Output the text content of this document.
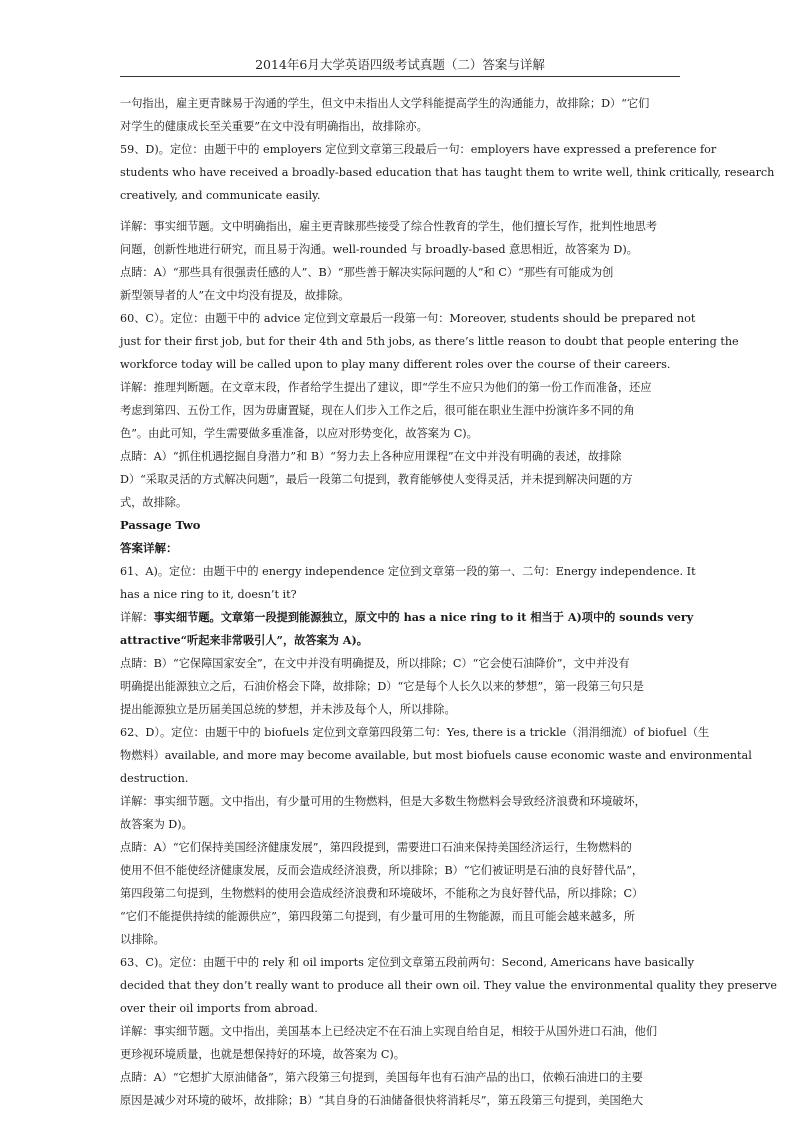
2014年6月大学英语四级考试真题（二）答案与详解
一句指出，雇主更青睐易于沟通的学生，但文中未指出人文学科能提高学生的沟通能力，故排除；D）“它们
对学生的健康成长至关重要”在文中没有明确指出，故排除亦。
59、D)。定位：由题干中的 employers 定位到文章第三段最后一句：employers have expressed a preference for
students who have received a broadly-based education that has taught them to write well, think critically, research
creatively, and communicate easily.
详解：事实细节题。文中明确指出，雇主更青睐那些接受了综合性教育的学生，他们擅长写作，批判性地思考
问题，创新性地进行研究，而且易于沟通。well-rounded 与 broadly-based 意思相近，故答案为 D)。
点睛：A）“那些具有很强责任感的人”、B）“那些善于解决实际问题的人”和 C）“那些有可能成为创
新型领导者的人”在文中均没有提及，故排除。
60、C）。定位：由题干中的 advice 定位到文章最后一段第一句：Moreover, students should be prepared not
just for their first job, but for their 4th and 5th jobs, as there’s little reason to doubt that people entering the
workforce today will be called upon to play many different roles over the course of their careers.
详解：推理判断题。在文章末段，作者给学生提出了建议，即“学生不应只为他们的第一份工作而准备，还应
考虑到第四、五份工作，因为毋庸置疑，现在人们步入工作之后，很可能在职业生涯中扮演许多不同的角
色”。由此可知，学生需要做多重准备，以应对形势变化，故答案为 C)。
点睛：A）“抓住机遇挖掘自身潜力”和 B）“努力去上各种应用课程”在文中并没有明确的表述，故排除
D）“采取灵活的方式解决问题”，最后一段第二句提到，教育能够使人变得灵活，并未提到解决问题的方
式，故排除。
Passage Two
答案详解：
61、A)。定位：由题干中的 energy independence 定位到文章第一段的第一、二句：Energy independence. It
has a nice ring to it, doesn’t it?
详解：事实细节题。文章第一段提到能源独立，原文中的 has a nice ring to it 相当于 A)项中的 sounds very
attractive“听起来非常吸引人”，故答案为 A)。
点睛：B）“它保障国家安全”，在文中并没有明确提及，所以排除；C）“它会使石油降价”，文中并没有
明确提出能源独立之后，石油价格会下降，故排除；D）“它是每个人长久以来的梦想”，第一段第三句只是
提出能源独立是历届美国总统的梦想，并未涉及每个人，所以排除。
62、D）。定位：由题干中的 biofuels 定位到文章第四段第二句：Yes, there is a trickle（涓涓细流）of biofuel（生
物燃料）available, and more may become available, but most biofuels cause economic waste and environmental
destruction.
详解：事实细节题。文中指出，有少量可用的生物燃料，但是大多数生物燃料会导致经济浪费和环境破坏，
故答案为 D)。
点睛：A）“它们保持美国经济健康发展”，第四段提到，需要进口石油来保持美国经济运行，生物燃料的
使用不但不能使经济健康发展，反而会造成经济浪费，所以排除；B）“它们被证明是石油的良好替代品”，
第四段第二句提到，生物燃料的使用会造成经济浪费和环境破坏，不能称之为良好替代品，所以排除；C）
“它们不能提供持续的能源供应”，第四段第二句提到，有少量可用的生物能源，而且可能会越来越多，所
以排除。
63、C)。定位：由题干中的 rely 和 oil imports 定位到文章第五段前两句：Second, Americans have basically
decided that they don’t really want to produce all their own oil. They value the environmental quality they preserve
over their oil imports from abroad.
详解：事实细节题。文中指出，美国基本上已经决定不在石油上实现自给自足，相较于从国外进口石油，他们
更珍视环境质量，也就是想保持好的环境，故答案为 C)。
点睛：A）“它想扩大原油储备”，第六段第三句提到，美国每年也有石油产品的出口，依赖石油进口的主要
原因是减少对环境的破坏，故排除；B）“其自身的石油储备很快将消耗尽”，第五段第三句提到，美国绝大
